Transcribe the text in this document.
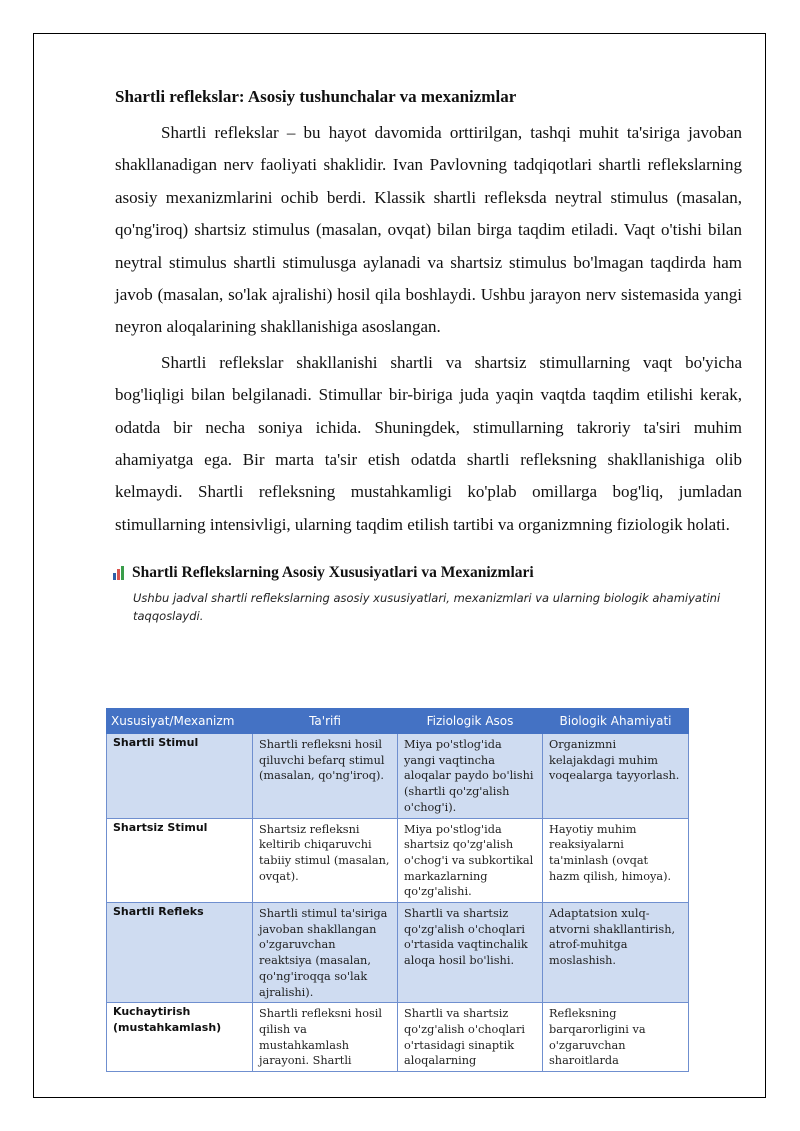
Shartli reflekslar: Asosiy tushunchalar va mexanizmlar

Shartli reflekslar – bu hayot davomida orttirilgan, tashqi muhit ta'siriga javoban shakllanadigan nerv faoliyati shaklidir. Ivan Pavlovning tadqiqotlari shartli reflekslarning asosiy mexanizmlarini ochib berdi. Klassik shartli refleksda neytral stimulus (masalan, qo'ng'iroq) shartsiz stimulus (masalan, ovqat) bilan birga taqdim etiladi. Vaqt o'tishi bilan neytral stimulus shartli stimulusga aylanadi va shartsiz stimulus bo'lmagan taqdirda ham javob (masalan, so'lak ajralishi) hosil qila boshlaydi. Ushbu jarayon nerv sistemasida yangi neyron aloqalarining shakllanishiga asoslangan.

Shartli reflekslar shakllanishi shartli va shartsiz stimullarning vaqt bo'yicha bog'liqligi bilan belgilanadi. Stimullar bir-biriga juda yaqin vaqtda taqdim etilishi kerak, odatda bir necha soniya ichida. Shuningdek, stimullarning takroriy ta'siri muhim ahamiyatga ega. Bir marta ta'sir etish odatda shartli refleksning shakllanishiga olib kelmaydi. Shartli refleksning mustahkamligi ko'plab omillarga bog'liq, jumladan stimullarning intensivligi, ularning taqdim etilish tartibi va organizmning fiziologik holati.

Shartli Reflekslarning Asosiy Xususiyatlari va Mexanizmlari
Ushbu jadval shartli reflekslarning asosiy xususiyatlari, mexanizmlari va ularning biologik ahamiyatini taqqoslaydi.
Xususiyat/Mexanizm	Ta'rifi	Fiziologik Asos	Biologik Ahamiyati
Shartli Stimul	Shartli refleksni hosil qiluvchi befarq stimul (masalan, qo'ng'iroq).	Miya po'stlog'ida yangi vaqtincha aloqalar paydo bo'lishi (shartli qo'zg'alish o'chog'i).	Organizmni kelajakdagi muhim voqealarga tayyorlash.
Shartsiz Stimul	Shartsiz refleksni keltirib chiqaruvchi tabiiy stimul (masalan, ovqat).	Miya po'stlog'ida shartsiz qo'zg'alish o'chog'i va subkortikal markazlarning qo'zg'alishi.	Hayotiy muhim reaksiyalarni ta'minlash (ovqat hazm qilish, himoya).
Shartli Refleks	Shartli stimul ta'siriga javoban shakllangan o'zgaruvchan reaktsiya (masalan, qo'ng'iroqqa so'lak ajralishi).	Shartli va shartsiz qo'zg'alish o'choqlari o'rtasida vaqtinchalik aloqa hosil bo'lishi.	Adaptatsion xulq-atvorni shakllantirish, atrof-muhitga moslashish.
Kuchaytirish (mustahkamlash)	Shartli refleksni hosil qilish va mustahkamlash jarayoni. Shartli	Shartli va shartsiz qo'zg'alish o'choqlari o'rtasidagi sinaptik aloqalarning	Refleksning barqarorligini va o'zgaruvchan sharoitlarda
